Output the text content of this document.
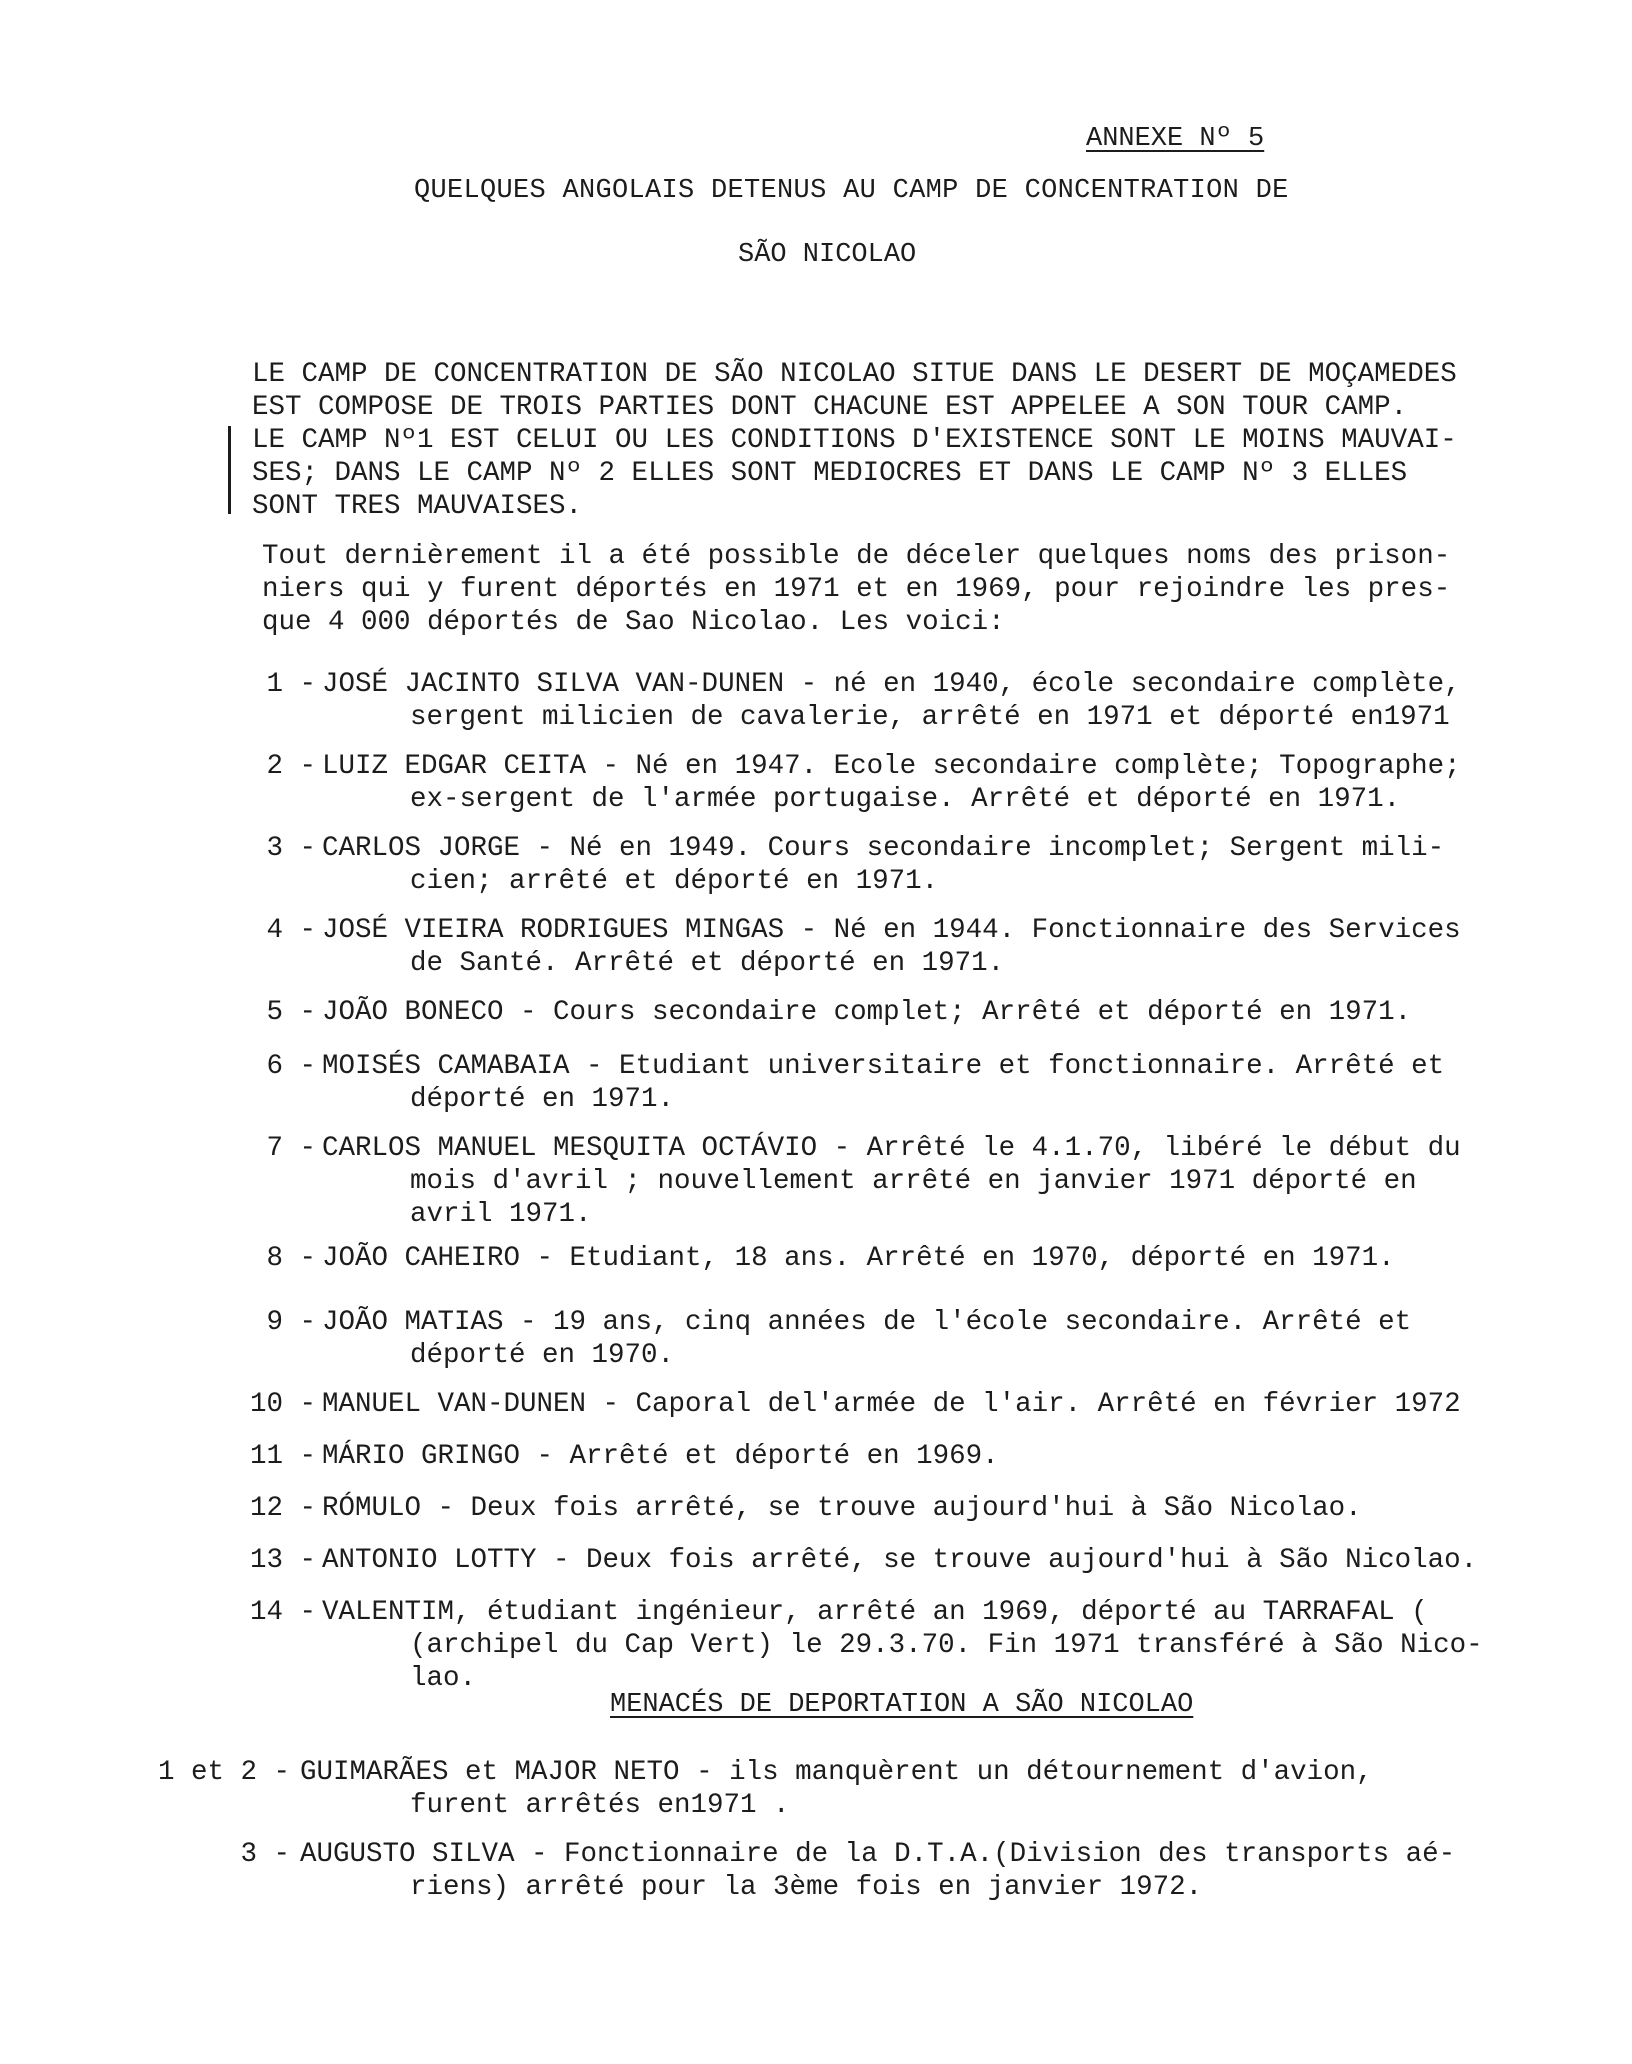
ANNEXE Nº 5
QUELQUES ANGOLAIS DETENUS AU CAMP DE CONCENTRATION DE
SÃO NICOLAO
LE CAMP DE CONCENTRATION DE SÃO NICOLAO SITUE DANS LE DESERT DE MOÇAMEDES
EST COMPOSE DE TROIS PARTIES DONT CHACUNE EST APPELEE A SON TOUR CAMP.
LE CAMP Nº1 EST CELUI OU LES CONDITIONS D'EXISTENCE SONT LE MOINS MAUVAI-
SES; DANS LE CAMP Nº 2 ELLES SONT MEDIOCRES ET DANS LE CAMP Nº 3 ELLES
SONT TRES MAUVAISES.
Tout dernièrement il a été possible de déceler quelques noms des prison-
niers qui y furent déportés en 1971 et en 1969, pour rejoindre les pres-
que 4 000 déportés de Sao Nicolao. Les voici:
1 - JOSÉ JACINTO SILVA VAN-DUNEN - né en 1940, école secondaire complète,
sergent milicien de cavalerie, arrêté en 1971 et déporté en1971
2 - LUIZ EDGAR CEITA - Né en 1947. Ecole secondaire complète; Topographe;
ex-sergent de l'armée portugaise. Arrêté et déporté en 1971.
3 - CARLOS JORGE - Né en 1949. Cours secondaire incomplet; Sergent mili-
cien; arrêté et déporté en 1971.
4 - JOSÉ VIEIRA RODRIGUES MINGAS - Né en 1944. Fonctionnaire des Services
de Santé. Arrêté et déporté en 1971.
5 - JOÃO BONECO - Cours secondaire complet; Arrêté et déporté en 1971.
6 - MOISÉS CAMABAIA - Etudiant universitaire et fonctionnaire. Arrêté et
déporté en 1971.
7 - CARLOS MANUEL MESQUITA OCTÁVIO - Arrêté le 4.1.70, libéré le début du
mois d'avril ; nouvellement arrêté en janvier 1971 déporté en
avril 1971.
8 - JOÃO CAHEIRO - Etudiant, 18 ans. Arrêté en 1970, déporté en 1971.
9 - JOÃO MATIAS - 19 ans, cinq années de l'école secondaire. Arrêté et
déporté en 1970.
10 - MANUEL VAN-DUNEN - Caporal del'armée de l'air. Arrêté en février 1972
11 - MÁRIO GRINGO - Arrêté et déporté en 1969.
12 - RÓMULO - Deux fois arrêté, se trouve aujourd'hui à São Nicolao.
13 - ANTONIO LOTTY - Deux fois arrêté, se trouve aujourd'hui à São Nicolao.
14 - VALENTIM, étudiant ingénieur, arrêté an 1969, déporté au TARRAFAL (
(archipel du Cap Vert) le 29.3.70. Fin 1971 transféré à São Nico-
lao.
MENACÉS DE DEPORTATION A SÃO NICOLAO
1 et 2 - GUIMARÃES et MAJOR NETO - ils manquèrent un détournement d'avion,
furent arrêtés en1971 .
3 - AUGUSTO SILVA - Fonctionnaire de la D.T.A.(Division des transports aé-
riens) arrêté pour la 3ème fois en janvier 1972.
